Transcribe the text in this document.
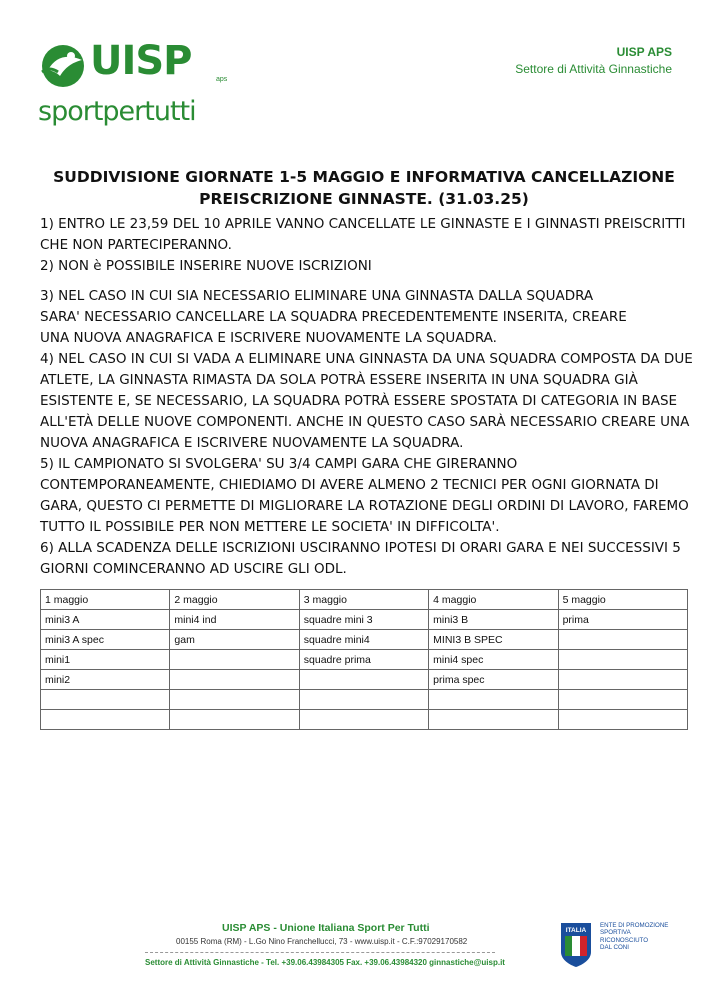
UISP	aps
sportpertutti
UISP APS
Settore di Attività Ginnastiche
SUDDIVISIONE GIORNATE 1-5 MAGGIO E INFORMATIVA CANCELLAZIONE
PREISCRIZIONE GINNASTE. (31.03.25)
1) ENTRO LE 23,59 DEL 10 APRILE VANNO CANCELLATE LE GINNASTE E I GINNASTI PREISCRITTI
CHE NON PARTECIPERANNO.
2) NON è POSSIBILE INSERIRE NUOVE ISCRIZIONI
3) NEL CASO IN CUI SIA NECESSARIO ELIMINARE UNA GINNASTA DALLA SQUADRA
SARA' NECESSARIO CANCELLARE LA SQUADRA PRECEDENTEMENTE INSERITA, CREARE
UNA NUOVA ANAGRAFICA E ISCRIVERE NUOVAMENTE LA SQUADRA.
4) NEL CASO IN CUI SI VADA A ELIMINARE UNA GINNASTA DA UNA SQUADRA COMPOSTA DA DUE
ATLETE, LA GINNASTA RIMASTA DA SOLA POTRÀ ESSERE INSERITA IN UNA SQUADRA GIÀ
ESISTENTE E, SE NECESSARIO, LA SQUADRA POTRÀ ESSERE SPOSTATA DI CATEGORIA IN BASE
ALL'ETÀ DELLE NUOVE COMPONENTI. ANCHE IN QUESTO CASO SARÀ NECESSARIO CREARE UNA
NUOVA ANAGRAFICA E ISCRIVERE NUOVAMENTE LA SQUADRA.
5) IL CAMPIONATO SI SVOLGERA' SU 3/4 CAMPI GARA CHE GIRERANNO
CONTEMPORANEAMENTE, CHIEDIAMO DI AVERE ALMENO 2 TECNICI PER OGNI GIORNATA DI
GARA, QUESTO CI PERMETTE DI MIGLIORARE LA ROTAZIONE DEGLI ORDINI DI LAVORO, FAREMO
TUTTO IL POSSIBILE PER NON METTERE LE SOCIETA' IN DIFFICOLTA'.
6) ALLA SCADENZA DELLE ISCRIZIONI USCIRANNO IPOTESI DI ORARI GARA E NEI SUCCESSIVI 5
GIORNI COMINCERANNO AD USCIRE GLI ODL.
1 maggio	2 maggio	3 maggio	4 maggio	5 maggio
mini3 A	mini4 ind	squadre mini 3	mini3 B	prima
mini3 A spec	gam	squadre mini4	MINI3 B SPEC	
mini1		squadre prima	mini4 spec	
mini2			prima spec	

UISP APS - Unione Italiana Sport Per Tutti
00155 Roma (RM) - L.Go Nino Franchellucci, 73 - www.uisp.it - C.F.:97029170582
Settore di Attività Ginnastiche - Tel. +39.06.43984305 Fax. +39.06.43984320 ginnastiche@uisp.it
ITALIA
ENTE DI PROMOZIONE
SPORTIVA
RICONOSCIUTO
DAL CONI
